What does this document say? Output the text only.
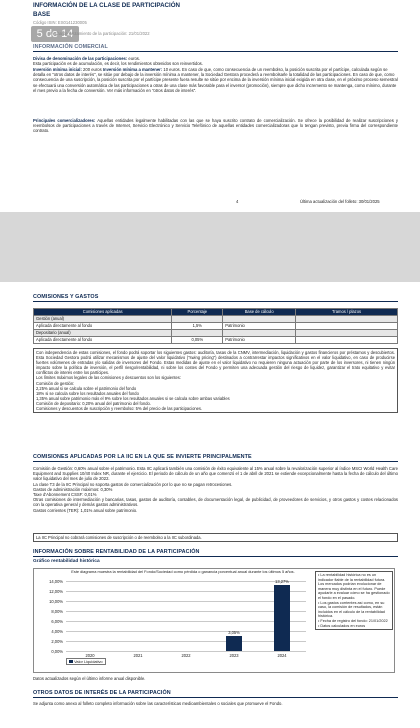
INFORMACIÓN DE LA CLASE DE PARTICIPACIÓN
BASE
Código ISIN: ES0141230005
5 de 14
Fecha de lanzamiento de la participación: 21/01/2022
INFORMACIÓN COMERCIAL
Divisa de denominación de las participaciones: euros.
Esta participación es de acumulación, es decir, los rendimientos obtenidos son reinvertidos.
Inversión mínima inicial: 200 euros Inversión mínima a mantener: 10 euros. En caso de que, como consecuencia de un reembolso, la posición suscrita por el partícipe, calculada según se detalla en "otros datos de interés", se sitúe por debajo de la inversión mínima a mantener, la Sociedad Gestora procederá a reembolsarle la totalidad de las participaciones. En caso de que, como consecuencia de una suscripción, la posición suscrita por el partícipe presente fuera resulte se sitúe por encima de la inversión mínima inicial exigida en otra clase, en el próximo proceso semestral se efectuará una conversión automática de las participaciones a otras de una clase más favorable para el inversor (promoción), siempre que dicho incremento se mantenga, como mínimo, durante el mes previo a la fecha de conversión. Ver más información en "otros datos de interés".
Principales comercializadores: Aquellas entidades legalmente habilitadas con las que se haya suscrito contrato de comercialización. Se ofrece la posibilidad de realizar suscripciones y reembolsos de participaciones a través de Internet, Servicio Electrónico y Servicio Telefónico de aquellas entidades comercializadoras que lo tengan previsto, previa firma del correspondiente contrato.
4	Última actualización del folleto: 30/01/2025
COMISIONES Y GASTOS
Comisiones aplicadas	Porcentaje	Base de cálculo	Tramos / plazos
Gestión (anual)			
Aplicada directamente al fondo	1,5%	Patrimonio	
Depositario (anual)			
Aplicada directamente al fondo	0,05%	Patrimonio	
Con independencia de estas comisiones, el fondo podrá soportar los siguientes gastos: auditoría, tasas de la CNMV, intermediación, liquidación y gastos financieros por préstamos y descubiertos. Esta Sociedad Gestora podrá utilizar mecanismos de ajuste del valor liquidativo ("swing pricing") destinados a contrarrestar impactos significativos en el valor liquidativo, en caso de producirse fuertes volúmenes de entradas y/o salidas de inversores del Fondo. Estas medidas de ajuste en el valor liquidativo no requieren ninguna actuación por parte de los inversores, ni tienen ningún impacto sobre la política de inversión, el perfil riesgo/rentabilidad, ni sobre los costes del Fondo y permiten una adecuada gestión del riesgo de liquidez, garantizar el trato equitativo y evitar conflictos de interés entre los partícipes.
Los límites máximos legales de las comisiones y descuentos son los siguientes:
Comisión de gestión:
2,25% anual si se calcula sobre el patrimonio del fondo
18% si se calcula sobre los resultados anuales del fondo
1,35% anual sobre patrimonio más el 9% sobre los resultados anuales si se calcula sobre ambas variables
Comisión de depositario: 0,20% anual del patrimonio del fondo.
Comisiones y descuentos de suscripción y reembolso: 5% del precio de las participaciones.
COMISIONES APLICADAS POR LA IIC EN LA QUE SE INVIERTE PRINCIPALMENTE
Comisión de Gestión: 0,60% anual sobre el patrimonio. Esta IIC aplicará también una comisión de éxito equivalente al 15% anual sobre la revalorización superior al índice MSCI World Health Care Equipment and Supplies 10/40 Index NR, durante el ejercicio. El periodo de cálculo de un año que comenzó el 1 de abril de 2021 se extiende excepcionalmente hasta la fecha de cálculo del último valor liquidativo del mes de julio de 2022.
La clase T3 de la IIC Principal no soporta gastos de comercialización por lo que no se pagan retrocesiones.
Gastos de administración máximos: 0,30%
Taxe d'Abonnement CSSF: 0,01%
Otras comisiones de intermediación y bancarias, tasas, gastos de auditoría, contables, de documentación legal, de publicidad, de proveedores de servicios, y otros gastos y costes relacionados con la operativa general y demás gastos administrativos.
Gastos corrientes (TER): 1,01% anual sobre patrimonio.
La IIC Principal no cobrará comisiones de suscripción o de reembolso a la IIC subordinada.
INFORMACIÓN SOBRE RENTABILIDAD DE LA PARTICIPACIÓN
Gráfico rentabilidad histórica
Este diagrama muestra la rentabilidad del Fondo/Sociedad como pérdida o ganancia porcentual anual durante los últimos 5 años.
0,00%
2,00%
4,00%
6,00%
8,00%
10,00%
12,00%
14,00%
2020	2021	2022	2023
3,05%
2024
13,27%
Valor Liquidativo
• La rentabilidad histórica no es un indicador fiable de la rentabilidad futura. Los mercados podrían evolucionar de manera muy distinta en el futuro. Puede ayudarle a evaluar cómo se ha gestionado el fondo en el pasado.
• Los gastos corrientes así como, en su caso, la comisión de resultados, están incluidos en el cálculo de la rentabilidad histórica.
• Fecha de registro del fondo: 21/01/2022
• Datos calculados en euros
Datos actualizados según el último informe anual disponible.
OTROS DATOS DE INTERÉS DE LA PARTICIPACIÓN
Se adjunta como anexo al folleto completo información sobre las características medioambientales o sociales que promueve el Fondo.
